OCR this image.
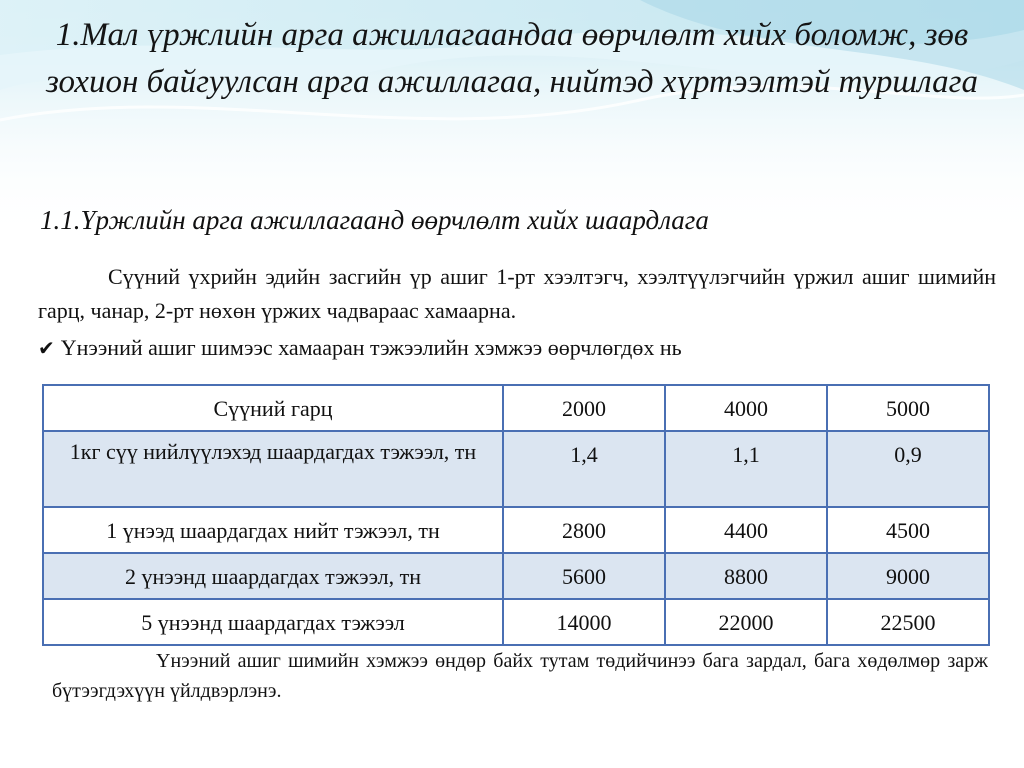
1.Мал үржлийн арга ажиллагаандаа өөрчлөлт хийх боломж, зөв зохион байгуулсан арга ажиллагаа, нийтэд хүртээлтэй туршлага
1.1.Үржлийн арга ажиллагаанд өөрчлөлт хийх шаардлага

Сүүний үхрийн эдийн засгийн үр ашиг 1-рт хээлтэгч, хээлтүүлэгчийн үржил ашиг шимийн гарц, чанар, 2-рт нөхөн үржих чадвараас хамаарна.

✔ Үнээний ашиг шимээс хамааран тэжээлийн хэмжээ өөрчлөгдөх нь

Сүүний гарц	2000	4000	5000
1кг сүү нийлүүлэхэд шаардагдах тэжээл, тн	1,4	1,1	0,9
1 үнээд шаардагдах нийт тэжээл, тн	2800	4400	4500
2 үнээнд шаардагдах тэжээл, тн	5600	8800	9000
5 үнээнд шаардагдах тэжээл	14000	22000	22500

Үнээний ашиг шимийн хэмжээ өндөр байх тутам төдийчинээ бага зардал, бага хөдөлмөр зарж бүтээгдэхүүн үйлдвэрлэнэ.
